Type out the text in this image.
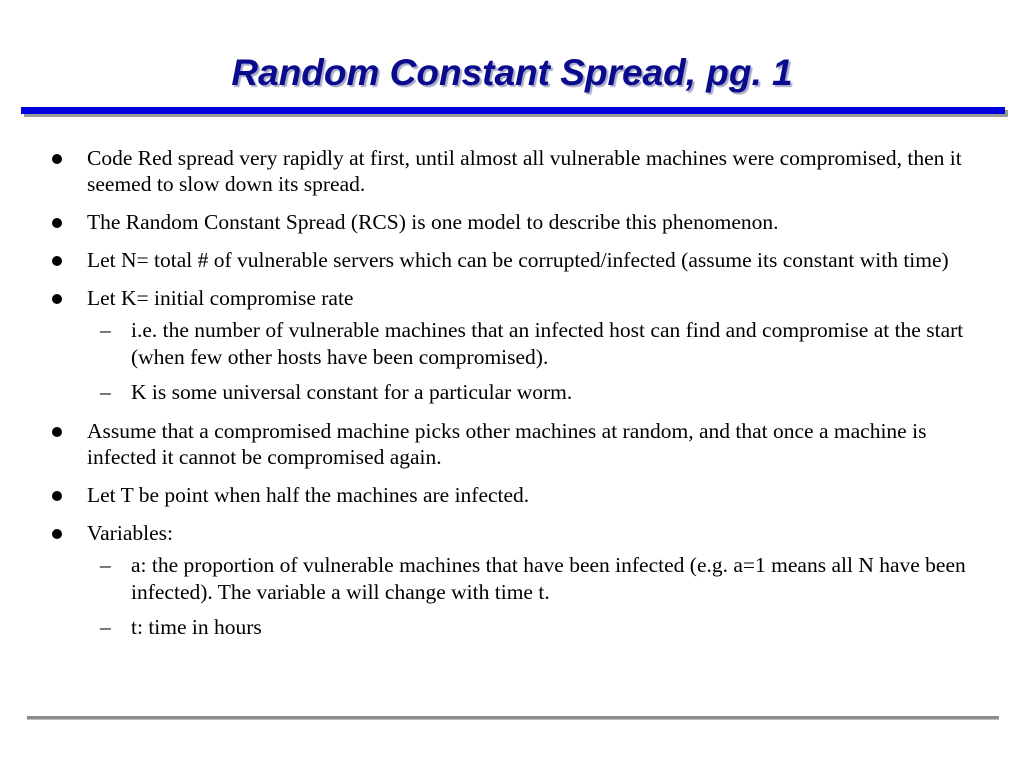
Random Constant Spread, pg. 1
Code Red spread very rapidly at first, until almost all vulnerable machines were compromised, then it seemed to slow down its spread.
The Random Constant Spread (RCS) is one model to describe this phenomenon.
Let N= total # of vulnerable servers which can be corrupted/infected (assume its constant with time)
Let K= initial compromise rate
– i.e. the number of vulnerable machines that an infected host can find and compromise at the start (when few other hosts have been compromised).
– K is some universal constant for a particular worm.
Assume that a compromised machine picks other machines at random, and that once a machine is infected it cannot be compromised again.
Let T be point when half the machines are infected.
Variables:
– a: the proportion of vulnerable machines that have been infected (e.g. a=1 means all N have been infected). The variable a will change with time t.
– t: time in hours
